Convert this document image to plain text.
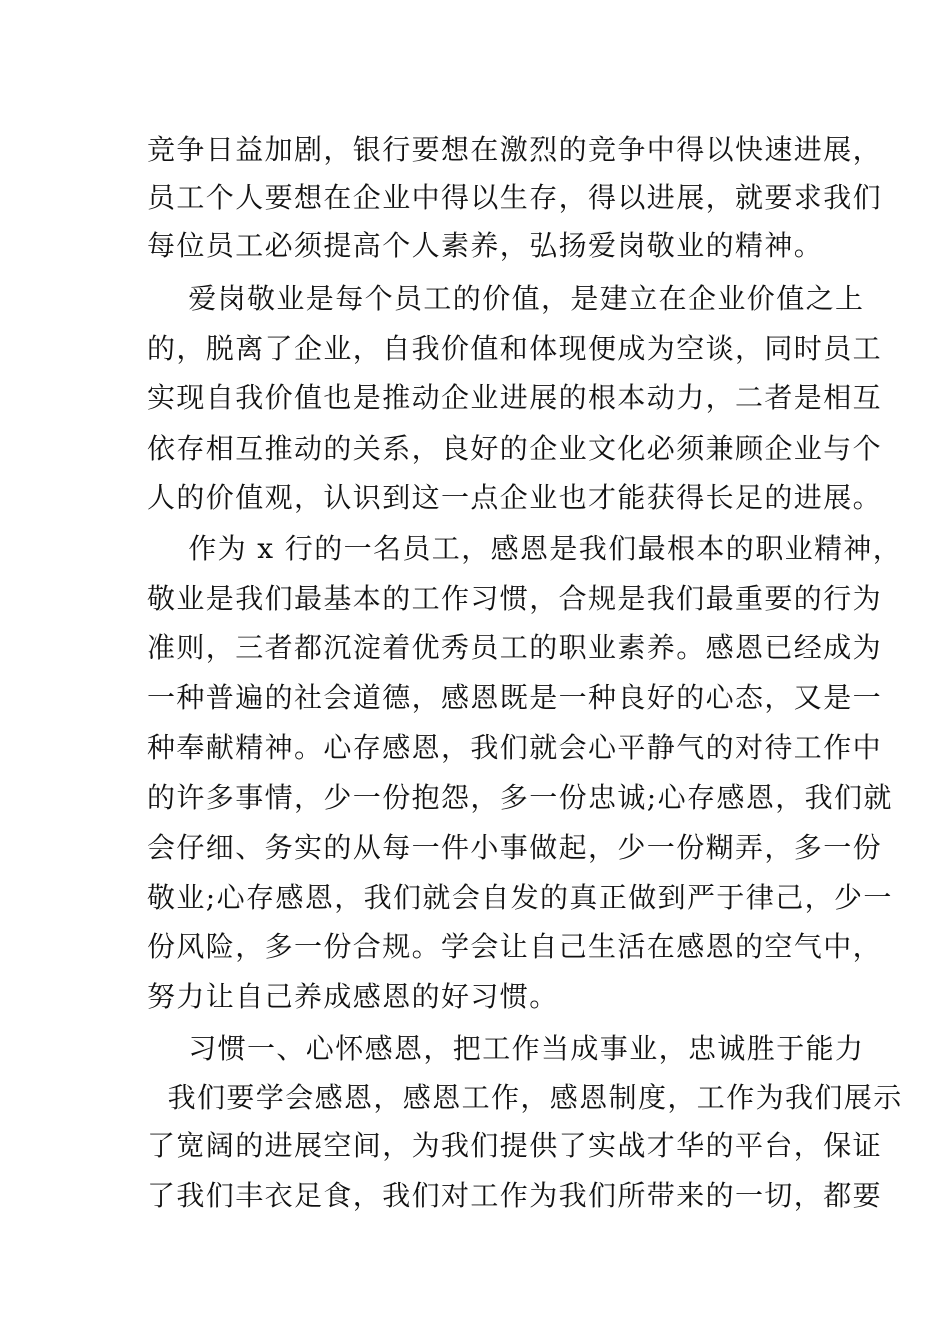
竞争日益加剧，银行要想在激烈的竞争中得以快速进展，
员工个人要想在企业中得以生存，得以进展，就要求我们
每位员工必须提高个人素养，弘扬爱岗敬业的精神。
爱岗敬业是每个员工的价值，是建立在企业价值之上
的，脱离了企业，自我价值和体现便成为空谈，同时员工
实现自我价值也是推动企业进展的根本动力，二者是相互
依存相互推动的关系，良好的企业文化必须兼顾企业与个
人的价值观，认识到这一点企业也才能获得长足的进展。
作为 x 行的一名员工，感恩是我们最根本的职业精神，
敬业是我们最基本的工作习惯，合规是我们最重要的行为
准则，三者都沉淀着优秀员工的职业素养。感恩已经成为
一种普遍的社会道德，感恩既是一种良好的心态，又是一
种奉献精神。心存感恩，我们就会心平静气的对待工作中
的许多事情，少一份抱怨，多一份忠诚;心存感恩，我们就
会仔细、务实的从每一件小事做起，少一份糊弄，多一份
敬业;心存感恩，我们就会自发的真正做到严于律己，少一
份风险，多一份合规。学会让自己生活在感恩的空气中，
努力让自己养成感恩的好习惯。
习惯一、心怀感恩，把工作当成事业，忠诚胜于能力
我们要学会感恩，感恩工作，感恩制度，工作为我们展示
了宽阔的进展空间，为我们提供了实战才华的平台，保证
了我们丰衣足食，我们对工作为我们所带来的一切，都要
